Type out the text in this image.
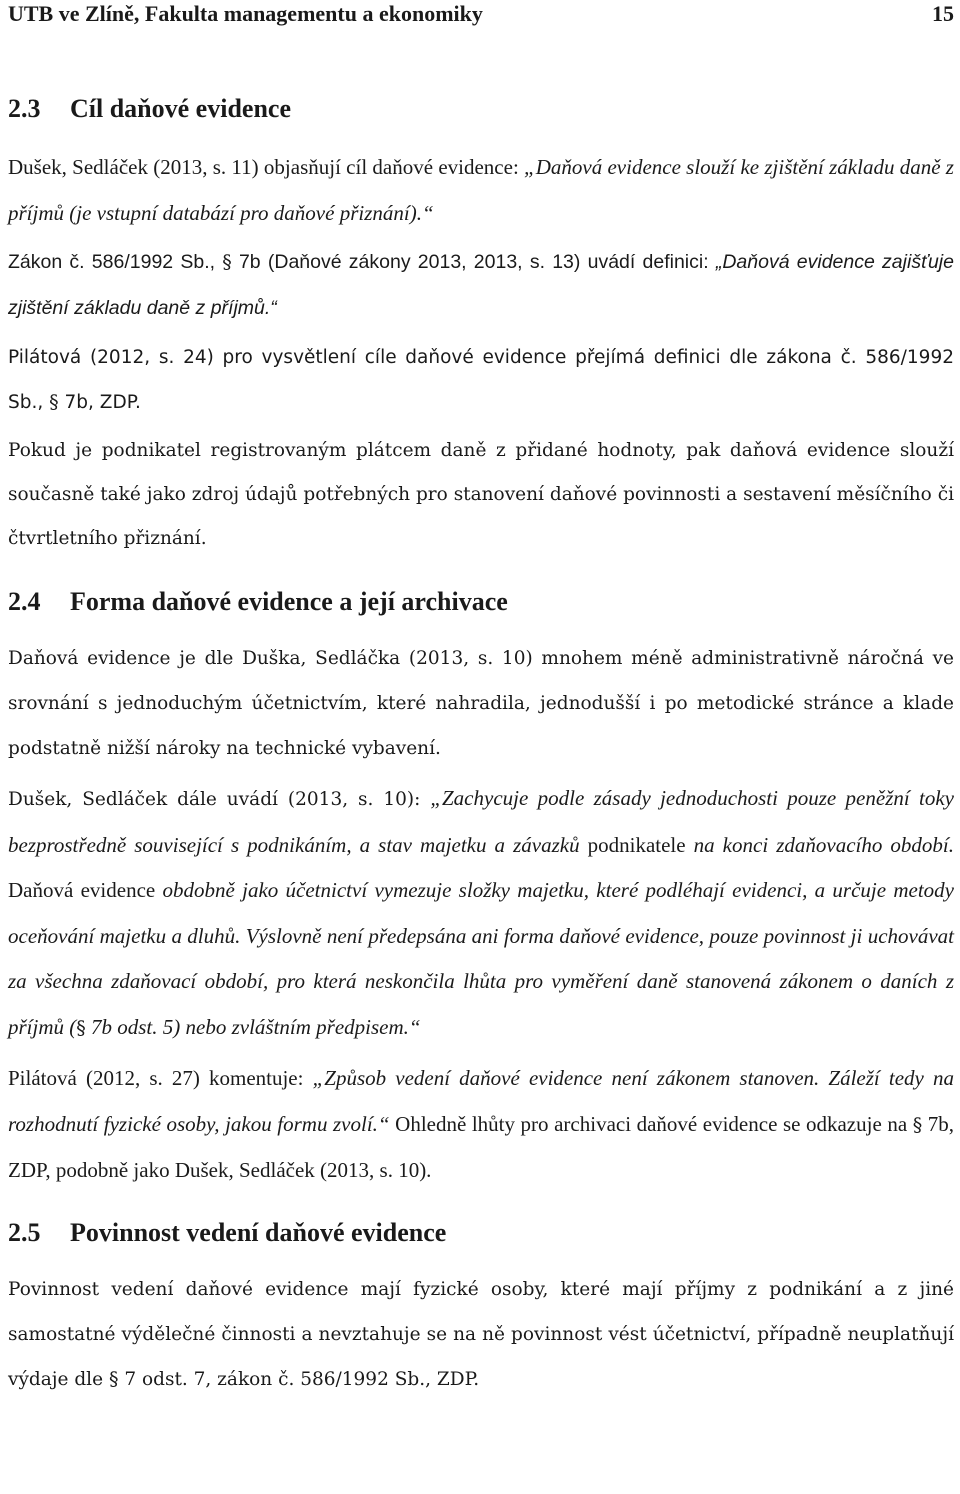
UTB ve Zlíně, Fakulta managementu a ekonomiky	15
2.3 Cíl daňové evidence

Dušek, Sedláček (2013, s. 11) objasňují cíl daňové evidence: „Daňová evidence slouží ke zjištění základu daně z příjmů (je vstupní databází pro daňové přiznání).“

Zákon č. 586/1992 Sb., § 7b (Daňové zákony 2013, 2013, s. 13) uvádí definici: „Daňová evidence zajišťuje zjištění základu daně z příjmů.“

Pilátová (2012, s. 24) pro vysvětlení cíle daňové evidence přejímá definici dle zákona č. 586/1992 Sb., § 7b, ZDP.

Pokud je podnikatel registrovaným plátcem daně z přidané hodnoty, pak daňová evidence slouží současně také jako zdroj údajů potřebných pro stanovení daňové povinnosti a sestavení měsíčního či čtvrtletního přiznání.

2.4 Forma daňové evidence a její archivace

Daňová evidence je dle Duška, Sedláčka (2013, s. 10) mnohem méně administrativně náročná ve srovnání s jednoduchým účetnictvím, které nahradila, jednodušší i po metodické stránce a klade podstatně nižší nároky na technické vybavení.

Dušek, Sedláček dále uvádí (2013, s. 10): „Zachycuje podle zásady jednoduchosti pouze peněžní toky bezprostředně související s podnikáním, a stav majetku a závazků podnikatele na konci zdaňovacího období. Daňová evidence obdobně jako účetnictví vymezuje složky majetku, které podléhají evidenci, a určuje metody oceňování majetku a dluhů. Výslovně není předepsána ani forma daňové evidence, pouze povinnost ji uchovávat za všechna zdaňovací období, pro která neskončila lhůta pro vyměření daně stanovená zákonem o daních z příjmů (§ 7b odst. 5) nebo zvláštním předpisem.“

Pilátová (2012, s. 27) komentuje: „Způsob vedení daňové evidence není zákonem stanoven. Záleží tedy na rozhodnutí fyzické osoby, jakou formu zvolí.“ Ohledně lhůty pro archivaci daňové evidence se odkazuje na § 7b, ZDP, podobně jako Dušek, Sedláček (2013, s. 10).

2.5 Povinnost vedení daňové evidence

Povinnost vedení daňové evidence mají fyzické osoby, které mají příjmy z podnikání a z jiné samostatné výdělečné činnosti a nevztahuje se na ně povinnost vést účetnictví, případně neuplatňují výdaje dle § 7 odst. 7, zákon č. 586/1992 Sb., ZDP.
